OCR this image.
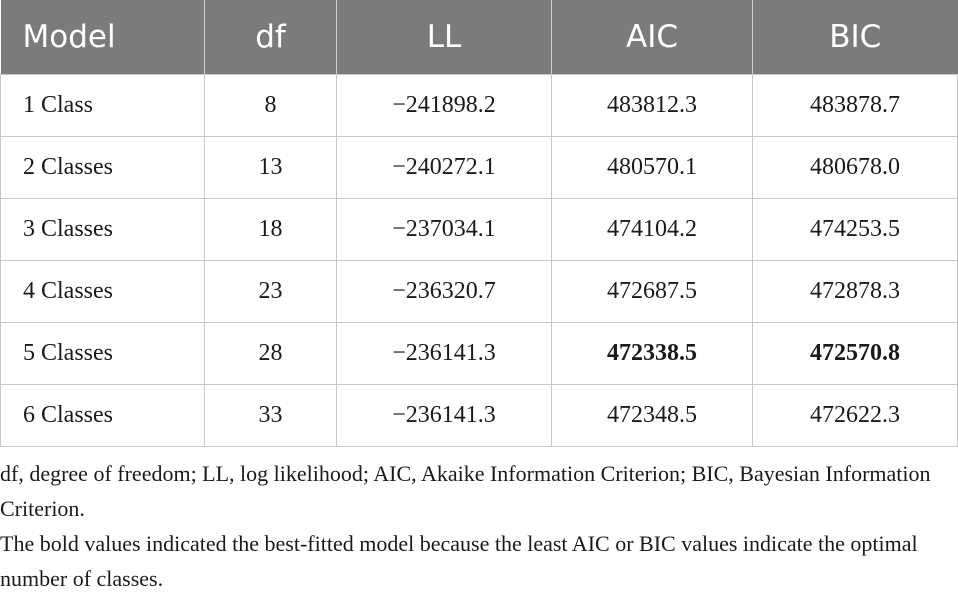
Model	df	LL	AIC	BIC
1 Class	8	−241898.2	483812.3	483878.7
2 Classes	13	−240272.1	480570.1	480678.0
3 Classes	18	−237034.1	474104.2	474253.5
4 Classes	23	−236320.7	472687.5	472878.3
5 Classes	28	−236141.3	472338.5	472570.8
6 Classes	33	−236141.3	472348.5	472622.3

df, degree of freedom; LL, log likelihood; AIC, Akaike Information Criterion; BIC, Bayesian Information Criterion.

The bold values indicated the best-fitted model because the least AIC or BIC values indicate the optimal number of classes.
